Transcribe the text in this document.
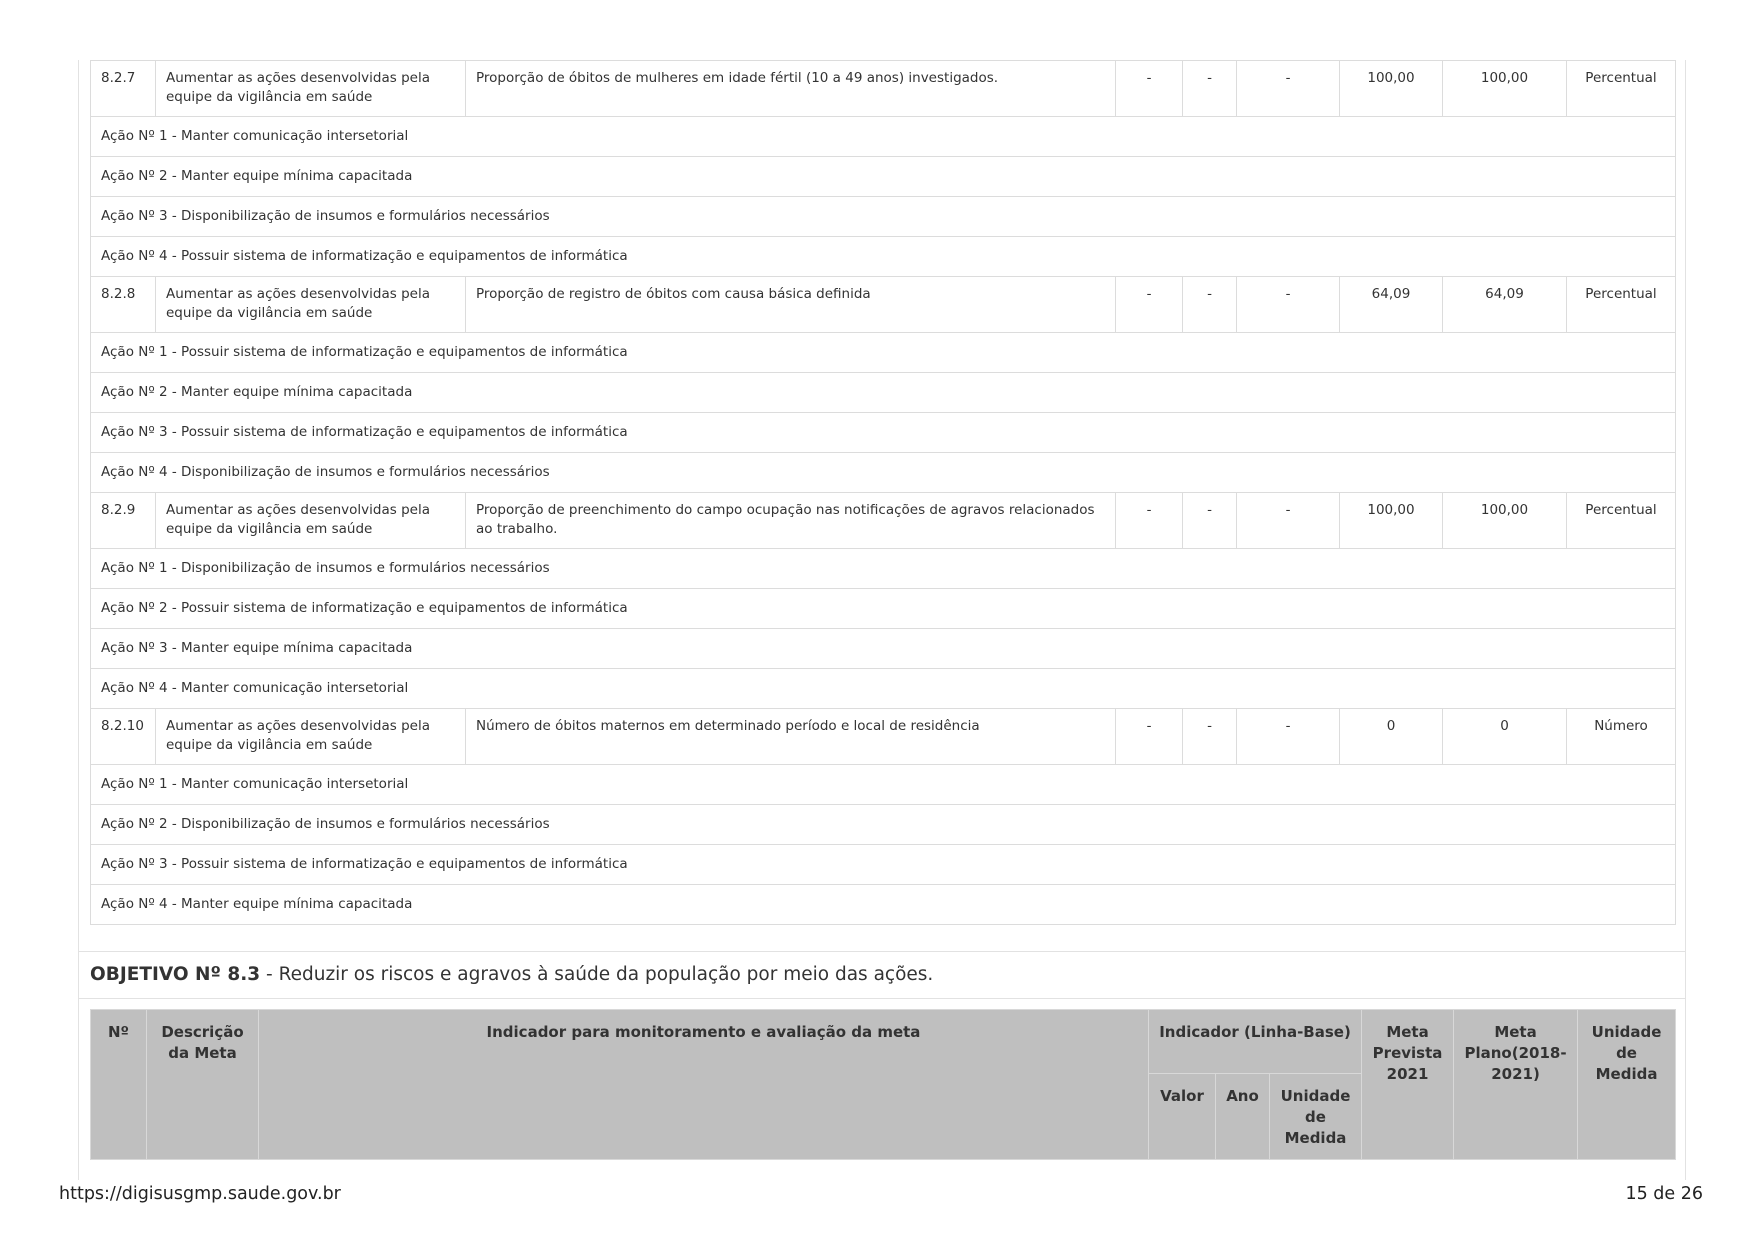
8.2.7	Aumentar as ações desenvolvidas pela equipe da vigilância em saúde	Proporção de óbitos de mulheres em idade fértil (10 a 49 anos) investigados.	-	-	-	100,00	100,00	Percentual
Ação Nº 1 - Manter comunicação intersetorial								
Ação Nº 2 - Manter equipe mínima capacitada								
Ação Nº 3 - Disponibilização de insumos e formulários necessários								
Ação Nº 4 - Possuir sistema de informatização e equipamentos de informática								
8.2.8	Aumentar as ações desenvolvidas pela equipe da vigilância em saúde	Proporção de registro de óbitos com causa básica definida	-	-	-	64,09	64,09	Percentual
Ação Nº 1 - Possuir sistema de informatização e equipamentos de informática								
Ação Nº 2 - Manter equipe mínima capacitada								
Ação Nº 3 - Possuir sistema de informatização e equipamentos de informática								
Ação Nº 4 - Disponibilização de insumos e formulários necessários								
8.2.9	Aumentar as ações desenvolvidas pela equipe da vigilância em saúde	Proporção de preenchimento do campo ocupação nas notificações de agravos relacionados ao trabalho.	-	-	-	100,00	100,00	Percentual
Ação Nº 1 - Disponibilização de insumos e formulários necessários								
Ação Nº 2 - Possuir sistema de informatização e equipamentos de informática								
Ação Nº 3 - Manter equipe mínima capacitada								
Ação Nº 4 - Manter comunicação intersetorial								
8.2.10	Aumentar as ações desenvolvidas pela equipe da vigilância em saúde	Número de óbitos maternos em determinado período e local de residência	-	-	-	0	0	Número
Ação Nº 1 - Manter comunicação intersetorial								
Ação Nº 2 - Disponibilização de insumos e formulários necessários								
Ação Nº 3 - Possuir sistema de informatização e equipamentos de informática								
Ação Nº 4 - Manter equipe mínima capacitada								
OBJETIVO Nº 8.3 - Reduzir os riscos e agravos à saúde da população por meio das ações.
Nº	Descrição da Meta	Indicador para monitoramento e avaliação da meta	Indicador (Linha-Base)			Meta Prevista 2021	Meta Plano(2018-2021)	Unidade de Medida
			Valor	Ano	Unidade de Medida			
https://digisusgmp.saude.gov.br	15 de 26
